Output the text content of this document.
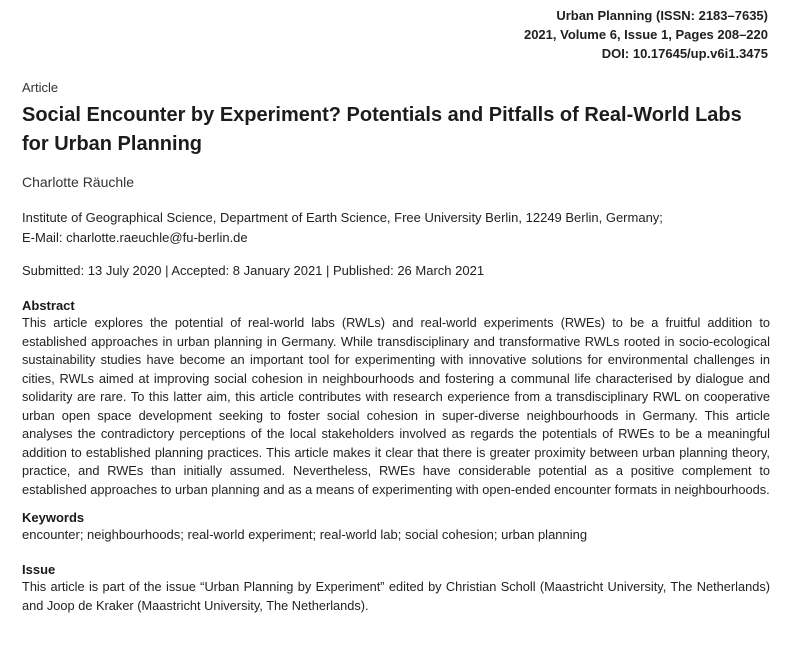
Urban Planning (ISSN: 2183–7635)
2021, Volume 6, Issue 1, Pages 208–220
DOI: 10.17645/up.v6i1.3475
Article
Social Encounter by Experiment? Potentials and Pitfalls of Real-World Labs for Urban Planning
Charlotte Räuchle
Institute of Geographical Science, Department of Earth Science, Free University Berlin, 12249 Berlin, Germany;
E-Mail: charlotte.raeuchle@fu-berlin.de
Submitted: 13 July 2020 | Accepted: 8 January 2021 | Published: 26 March 2021
Abstract

This article explores the potential of real-world labs (RWLs) and real-world experiments (RWEs) to be a fruitful addition to established approaches in urban planning in Germany. While transdisciplinary and transformative RWLs rooted in socio-ecological sustainability studies have become an important tool for experimenting with innovative solutions for environmental challenges in cities, RWLs aimed at improving social cohesion in neighbourhoods and fostering a communal life characterised by dialogue and solidarity are rare. To this latter aim, this article contributes with research experience from a transdisciplinary RWL on cooperative urban open space development seeking to foster social cohesion in super-diverse neighbourhoods in Germany. This article analyses the contradictory perceptions of the local stakeholders involved as regards the potentials of RWEs to be a meaningful addition to established planning practices. This article makes it clear that there is greater proximity between urban planning theory, practice, and RWEs than initially assumed. Nevertheless, RWEs have considerable potential as a positive complement to established approaches to urban planning and as a means of experimenting with open-ended encounter formats in neighbourhoods.

Keywords
encounter; neighbourhoods; real-world experiment; real-world lab; social cohesion; urban planning
Issue

This article is part of the issue “Urban Planning by Experiment” edited by Christian Scholl (Maastricht University, The Netherlands) and Joop de Kraker (Maastricht University, The Netherlands).
